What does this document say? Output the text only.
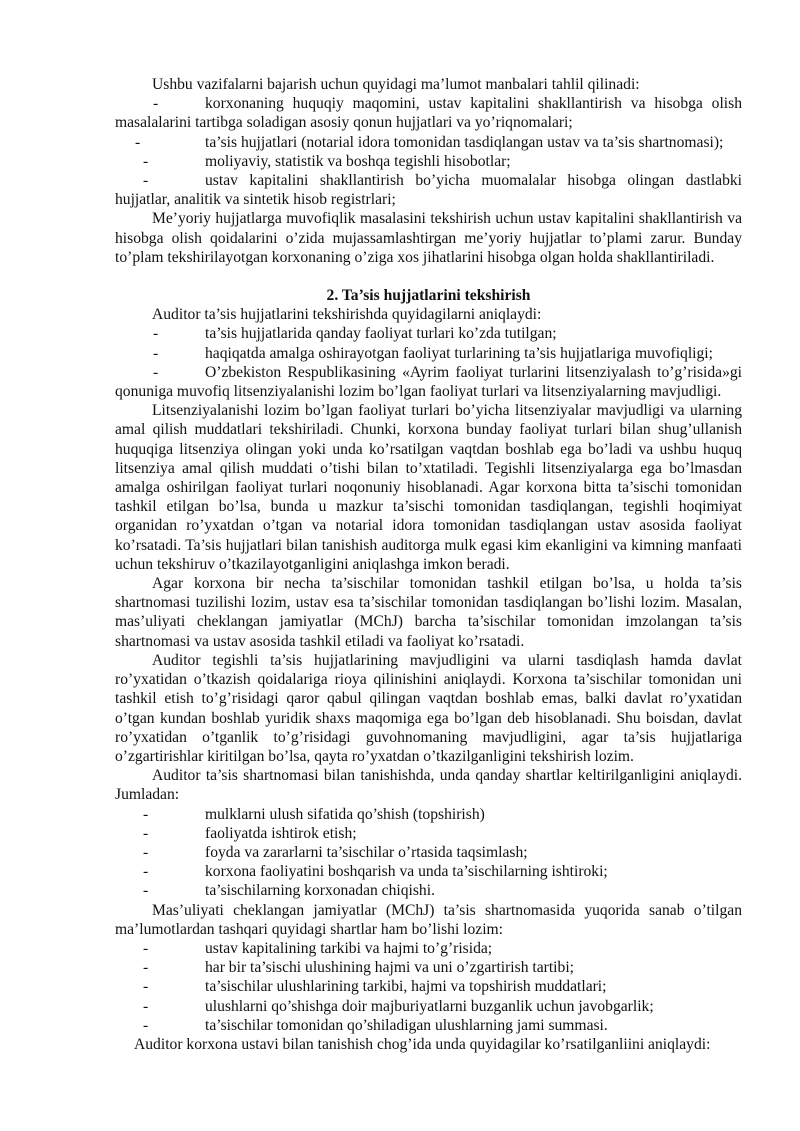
Ushbu vazifalarni bajarish uchun quyidagi ma’lumot manbalari tahlil qilinadi:

-	korxonaning huquqiy maqomini, ustav kapitalini shakllantirish va hisobga olish masalalarini tartibga soladigan asosiy qonun hujjatlari va yo’riqnomalari;

-	ta’sis hujjatlari (notarial idora tomonidan tasdiqlangan ustav va ta’sis shartnomasi);

-	moliyaviy, statistik va boshqa tegishli hisobotlar;

-	ustav kapitalini shakllantirish bo’yicha muomalalar hisobga olingan dastlabki hujjatlar, analitik va sintetik hisob registrlari;

Me’yoriy hujjatlarga muvofiqlik masalasini tekshirish uchun ustav kapitalini shakllantirish va hisobga olish qoidalarini o’zida mujassamlashtirgan me’yoriy hujjatlar to’plami zarur. Bunday to’plam tekshirilayotgan korxonaning o’ziga xos jihatlarini hisobga olgan holda shakllantiriladi.

2. Ta’sis hujjatlarini tekshirish

Auditor ta’sis hujjatlarini tekshirishda quyidagilarni aniqlaydi:

-	ta’sis hujjatlarida qanday faoliyat turlari ko’zda tutilgan;

-	haqiqatda amalga oshirayotgan faoliyat turlarining ta’sis hujjatlariga muvofiqligi;

-	O’zbekiston Respublikasining «Ayrim faoliyat turlarini litsenziyalash to’g’risida»gi qonuniga muvofiq litsenziyalanishi lozim bo’lgan faoliyat turlari va litsenziyalarning mavjudligi.

Litsenziyalanishi lozim bo’lgan faoliyat turlari bo’yicha litsenziyalar mavjudligi va ularning amal qilish muddatlari tekshiriladi. Chunki, korxona bunday faoliyat turlari bilan shug’ullanish huquqiga litsenziya olingan yoki unda ko’rsatilgan vaqtdan boshlab ega bo’ladi va ushbu huquq litsenziya amal qilish muddati o’tishi bilan to’xtatiladi. Tegishli litsenziyalarga ega bo’lmasdan amalga oshirilgan faoliyat turlari noqonuniy hisoblanadi. Agar korxona bitta ta’sischi tomonidan tashkil etilgan bo’lsa, bunda u mazkur ta’sischi tomonidan tasdiqlangan, tegishli hoqimiyat organidan ro’yxatdan o’tgan va notarial idora tomonidan tasdiqlangan ustav asosida faoliyat ko’rsatadi. Ta’sis hujjatlari bilan tanishish auditorga mulk egasi kim ekanligini va kimning manfaati uchun tekshiruv o’tkazilayotganligini aniqlashga imkon beradi.

Agar korxona bir necha ta’sischilar tomonidan tashkil etilgan bo’lsa, u holda ta’sis shartnomasi tuzilishi lozim, ustav esa ta’sischilar tomonidan tasdiqlangan bo’lishi lozim. Masalan, mas’uliyati cheklangan jamiyatlar (MChJ) barcha ta’sischilar tomonidan imzolangan ta’sis shartnomasi va ustav asosida tashkil etiladi va faoliyat ko’rsatadi.

Auditor tegishli ta’sis hujjatlarining mavjudligini va ularni tasdiqlash hamda davlat ro’yxatidan o’tkazish qoidalariga rioya qilinishini aniqlaydi. Korxona ta’sischilar tomonidan uni tashkil etish to’g’risidagi qaror qabul qilingan vaqtdan boshlab emas, balki davlat ro’yxatidan o’tgan kundan boshlab yuridik shaxs maqomiga ega bo’lgan deb hisoblanadi. Shu boisdan, davlat ro’yxatidan o’tganlik to’g’risidagi guvohnomaning mavjudligini, agar ta’sis hujjatlariga o’zgartirishlar kiritilgan bo’lsa, qayta ro’yxatdan o’tkazilganligini tekshirish lozim.

Auditor ta’sis shartnomasi bilan tanishishda, unda qanday shartlar keltirilganligini aniqlaydi. Jumladan:

-	mulklarni ulush sifatida qo’shish (topshirish)

-	faoliyatda ishtirok etish;

-	foyda va zararlarni ta’sischilar o’rtasida taqsimlash;

-	korxona faoliyatini boshqarish va unda ta’sischilarning ishtiroki;

-	ta’sischilarning korxonadan chiqishi.

Mas’uliyati cheklangan jamiyatlar (MChJ) ta’sis shartnomasida yuqorida sanab o’tilgan ma’lumotlardan tashqari quyidagi shartlar ham bo’lishi lozim:

-	ustav kapitalining tarkibi va hajmi to’g’risida;

-	har bir ta’sischi ulushining hajmi va uni o’zgartirish tartibi;

-	ta’sischilar ulushlarining tarkibi, hajmi va topshirish muddatlari;

-	ulushlarni qo’shishga doir majburiyatlarni buzganlik uchun javobgarlik;

-	ta’sischilar tomonidan qo’shiladigan ulushlarning jami summasi.

Auditor korxona ustavi bilan tanishish chog’ida unda quyidagilar ko’rsatilganliini aniqlaydi:
